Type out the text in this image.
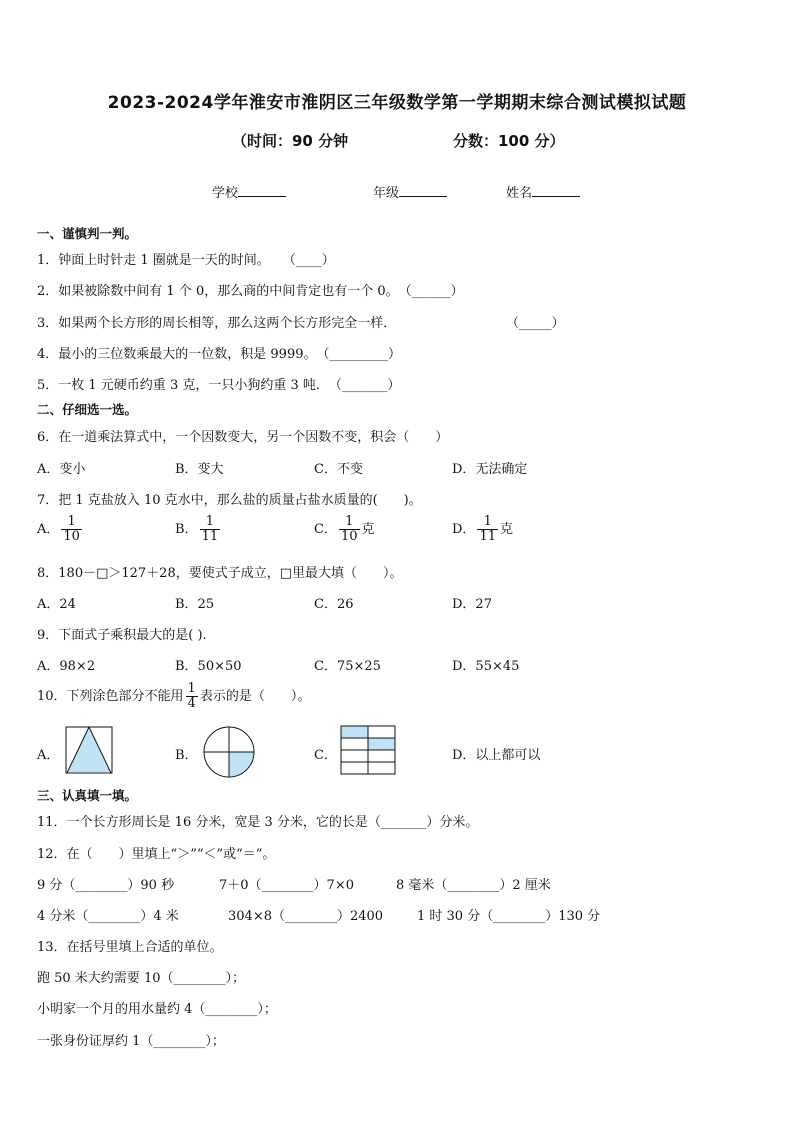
2023-2024学年淮安市淮阴区三年级数学第一学期期末综合测试模拟试题
（时间：90 分钟	分数：100 分）
学校	年级	姓名
一、谨慎判一判。
1．钟面上时针走 1 圈就是一天的时间。　　（____）
2．如果被除数中间有 1 个 0，那么商的中间肯定也有一个 0。　（______）
3．如果两个长方形的周长相等，那么这两个长方形完全一样．	（_____）
4．最小的三位数乘最大的一位数，积是 9999。　（_________）
5．一枚 1 元硬币约重 3 克，一只小狗约重 3 吨．　（_______）
二、仔细选一选。
6．在一道乘法算式中，一个因数变大，另一个因数不变，积会（　　）
A．变小	B．变大	C．不变	D．无法确定
7．把 1 克盐放入 10 克水中，那么盐的质量占盐水质量的(　　)。
A． $\frac{1}{10}$	B． $\frac{1}{11}$	C． $\frac{1}{10}$ 克	D． $\frac{1}{11}$ 克
8．180－□＞127＋28，要使式子成立，□里最大填（　　）。
A．24	B．25	C．26	D．27
9．下面式子乘积最大的是( ).
A．98×2	B．50×50	C．75×25	D．55×45
10．下列涂色部分不能用 $\frac{1}{4}$ 表示的是（　　）。
A．	B．	C．	D．以上都可以
三、认真填一填。
11．一个长方形周长是 16 分米，宽是 3 分米，它的长是（_______）分米。
12．在（　　）里填上“＞”“＜”或“＝”。
9 分（________）90 秒	7＋0（________）7×0	8 毫米（________）2 厘米
4 分米（________）4 米	304×8（________）2400	1 时 30 分（________）130 分
13．在括号里填上合适的单位。
跑 50 米大约需要 10（________）；
小明家一个月的用水量约 4（________）；
一张身份证厚约 1（________）；
